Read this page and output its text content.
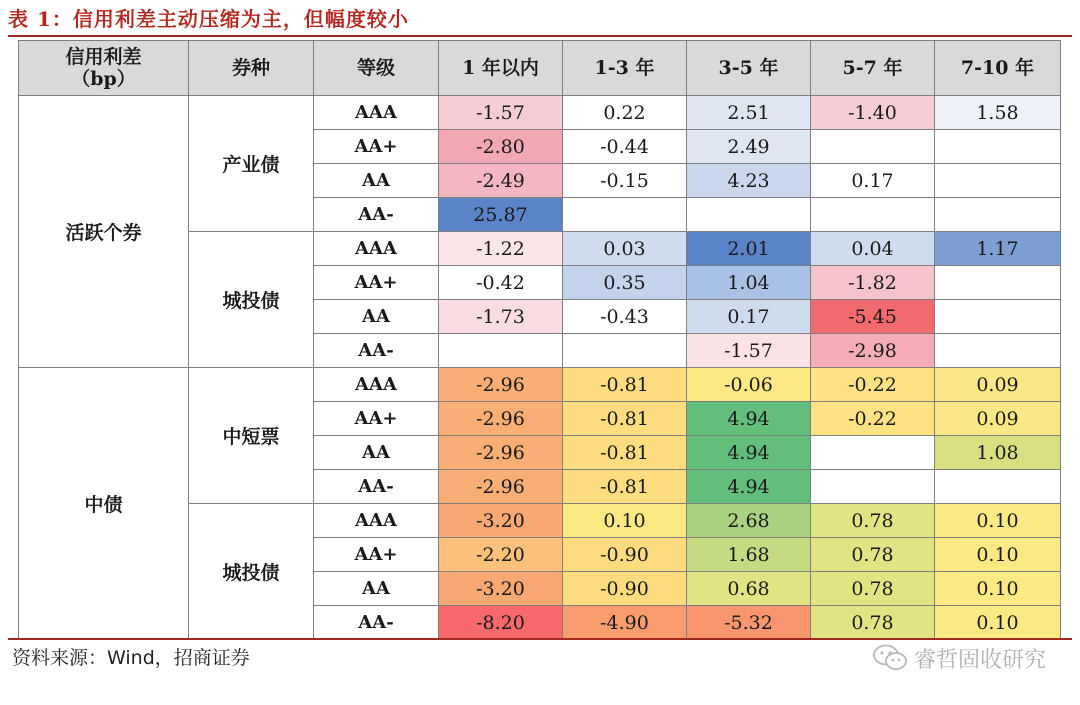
表 1：信用利差主动压缩为主，但幅度较小
信用利差
（bp）	券种	等级	1 年以内	1-3 年	3-5 年	5-7 年	7-10 年
活跃个券	产业债	AAA	-1.57	0.22	2.51	-1.40	1.58
		AA+	-2.80	-0.44	2.49		
		AA	-2.49	-0.15	4.23	0.17	
		AA-	25.87				
	城投债	AAA	-1.22	0.03	2.01	0.04	1.17
		AA+	-0.42	0.35	1.04	-1.82	
		AA	-1.73	-0.43	0.17	-5.45	
		AA-			-1.57	-2.98	
中债	中短票	AAA	-2.96	-0.81	-0.06	-0.22	0.09
		AA+	-2.96	-0.81	4.94	-0.22	0.09
		AA	-2.96	-0.81	4.94		1.08
		AA-	-2.96	-0.81	4.94		
	城投债	AAA	-3.20	0.10	2.68	0.78	0.10
		AA+	-2.20	-0.90	1.68	0.78	0.10
		AA	-3.20	-0.90	0.68	0.78	0.10
		AA-	-8.20	-4.90	-5.32	0.78	0.10
资料来源：Wind，招商证券	睿哲固收研究
